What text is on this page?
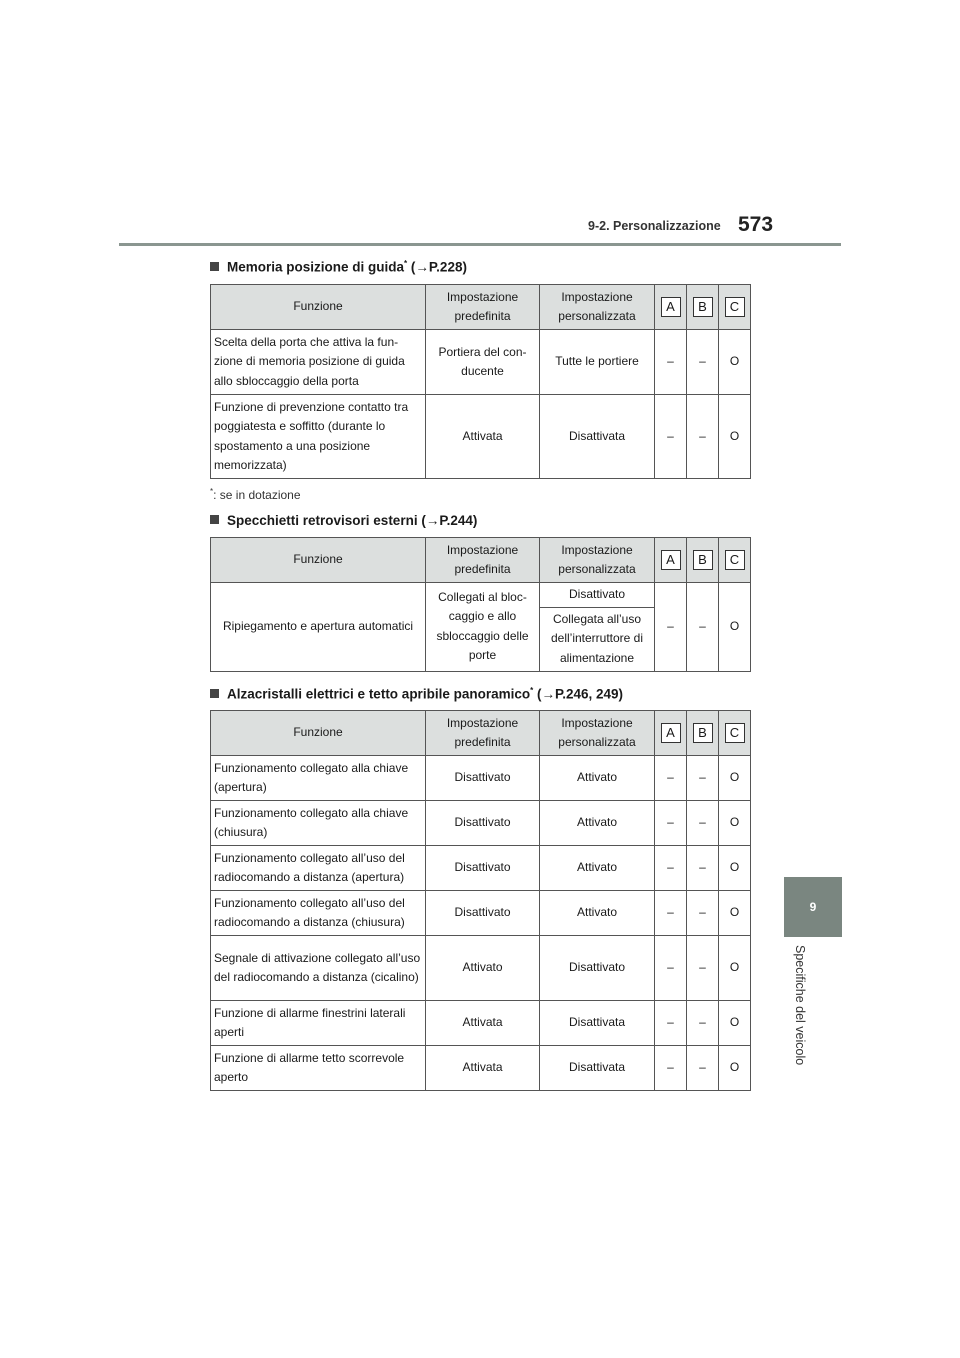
9-2. Personalizzazione 573
9
Specifiche del veicolo
Memoria posizione di guida* (→P.228)
Funzione	Impostazione predefinita	Impostazione personalizzata	A	B	C
Scelta della porta che attiva la fun-zione di memoria posizione di guida allo sbloccaggio della porta	Portiera del con-ducente	Tutte le portiere	–	–	O
Funzione di prevenzione contatto tra poggiatesta e soffitto (durante lo spostamento a una posizione memorizzata)	Attivata	Disattivata	–	–	O
*: se in dotazione
Specchietti retrovisori esterni (→P.244)
Funzione	Impostazione predefinita	Impostazione personalizzata	A	B	C
Ripiegamento e apertura automatici	Collegati al bloc-caggio e allo sbloccaggio delle porte	Disattivato	–	–	O
		Collegata all’uso dell’interruttore di alimentazione			
Alzacristalli elettrici e tetto apribile panoramico* (→P.246, 249)
Funzione	Impostazione predefinita	Impostazione personalizzata	A	B	C
Funzionamento collegato alla chiave (apertura)	Disattivato	Attivato	–	–	O
Funzionamento collegato alla chiave (chiusura)	Disattivato	Attivato	–	–	O
Funzionamento collegato all’uso del radiocomando a distanza (apertura)	Disattivato	Attivato	–	–	O
Funzionamento collegato all’uso del radiocomando a distanza (chiusura)	Disattivato	Attivato	–	–	O
Segnale di attivazione collegato all’uso del radiocomando a distanza (cicalino)	Attivato	Disattivato	–	–	O
Funzione di allarme finestrini laterali aperti	Attivata	Disattivata	–	–	O
Funzione di allarme tetto scorrevole aperto	Attivata	Disattivata	–	–	O
